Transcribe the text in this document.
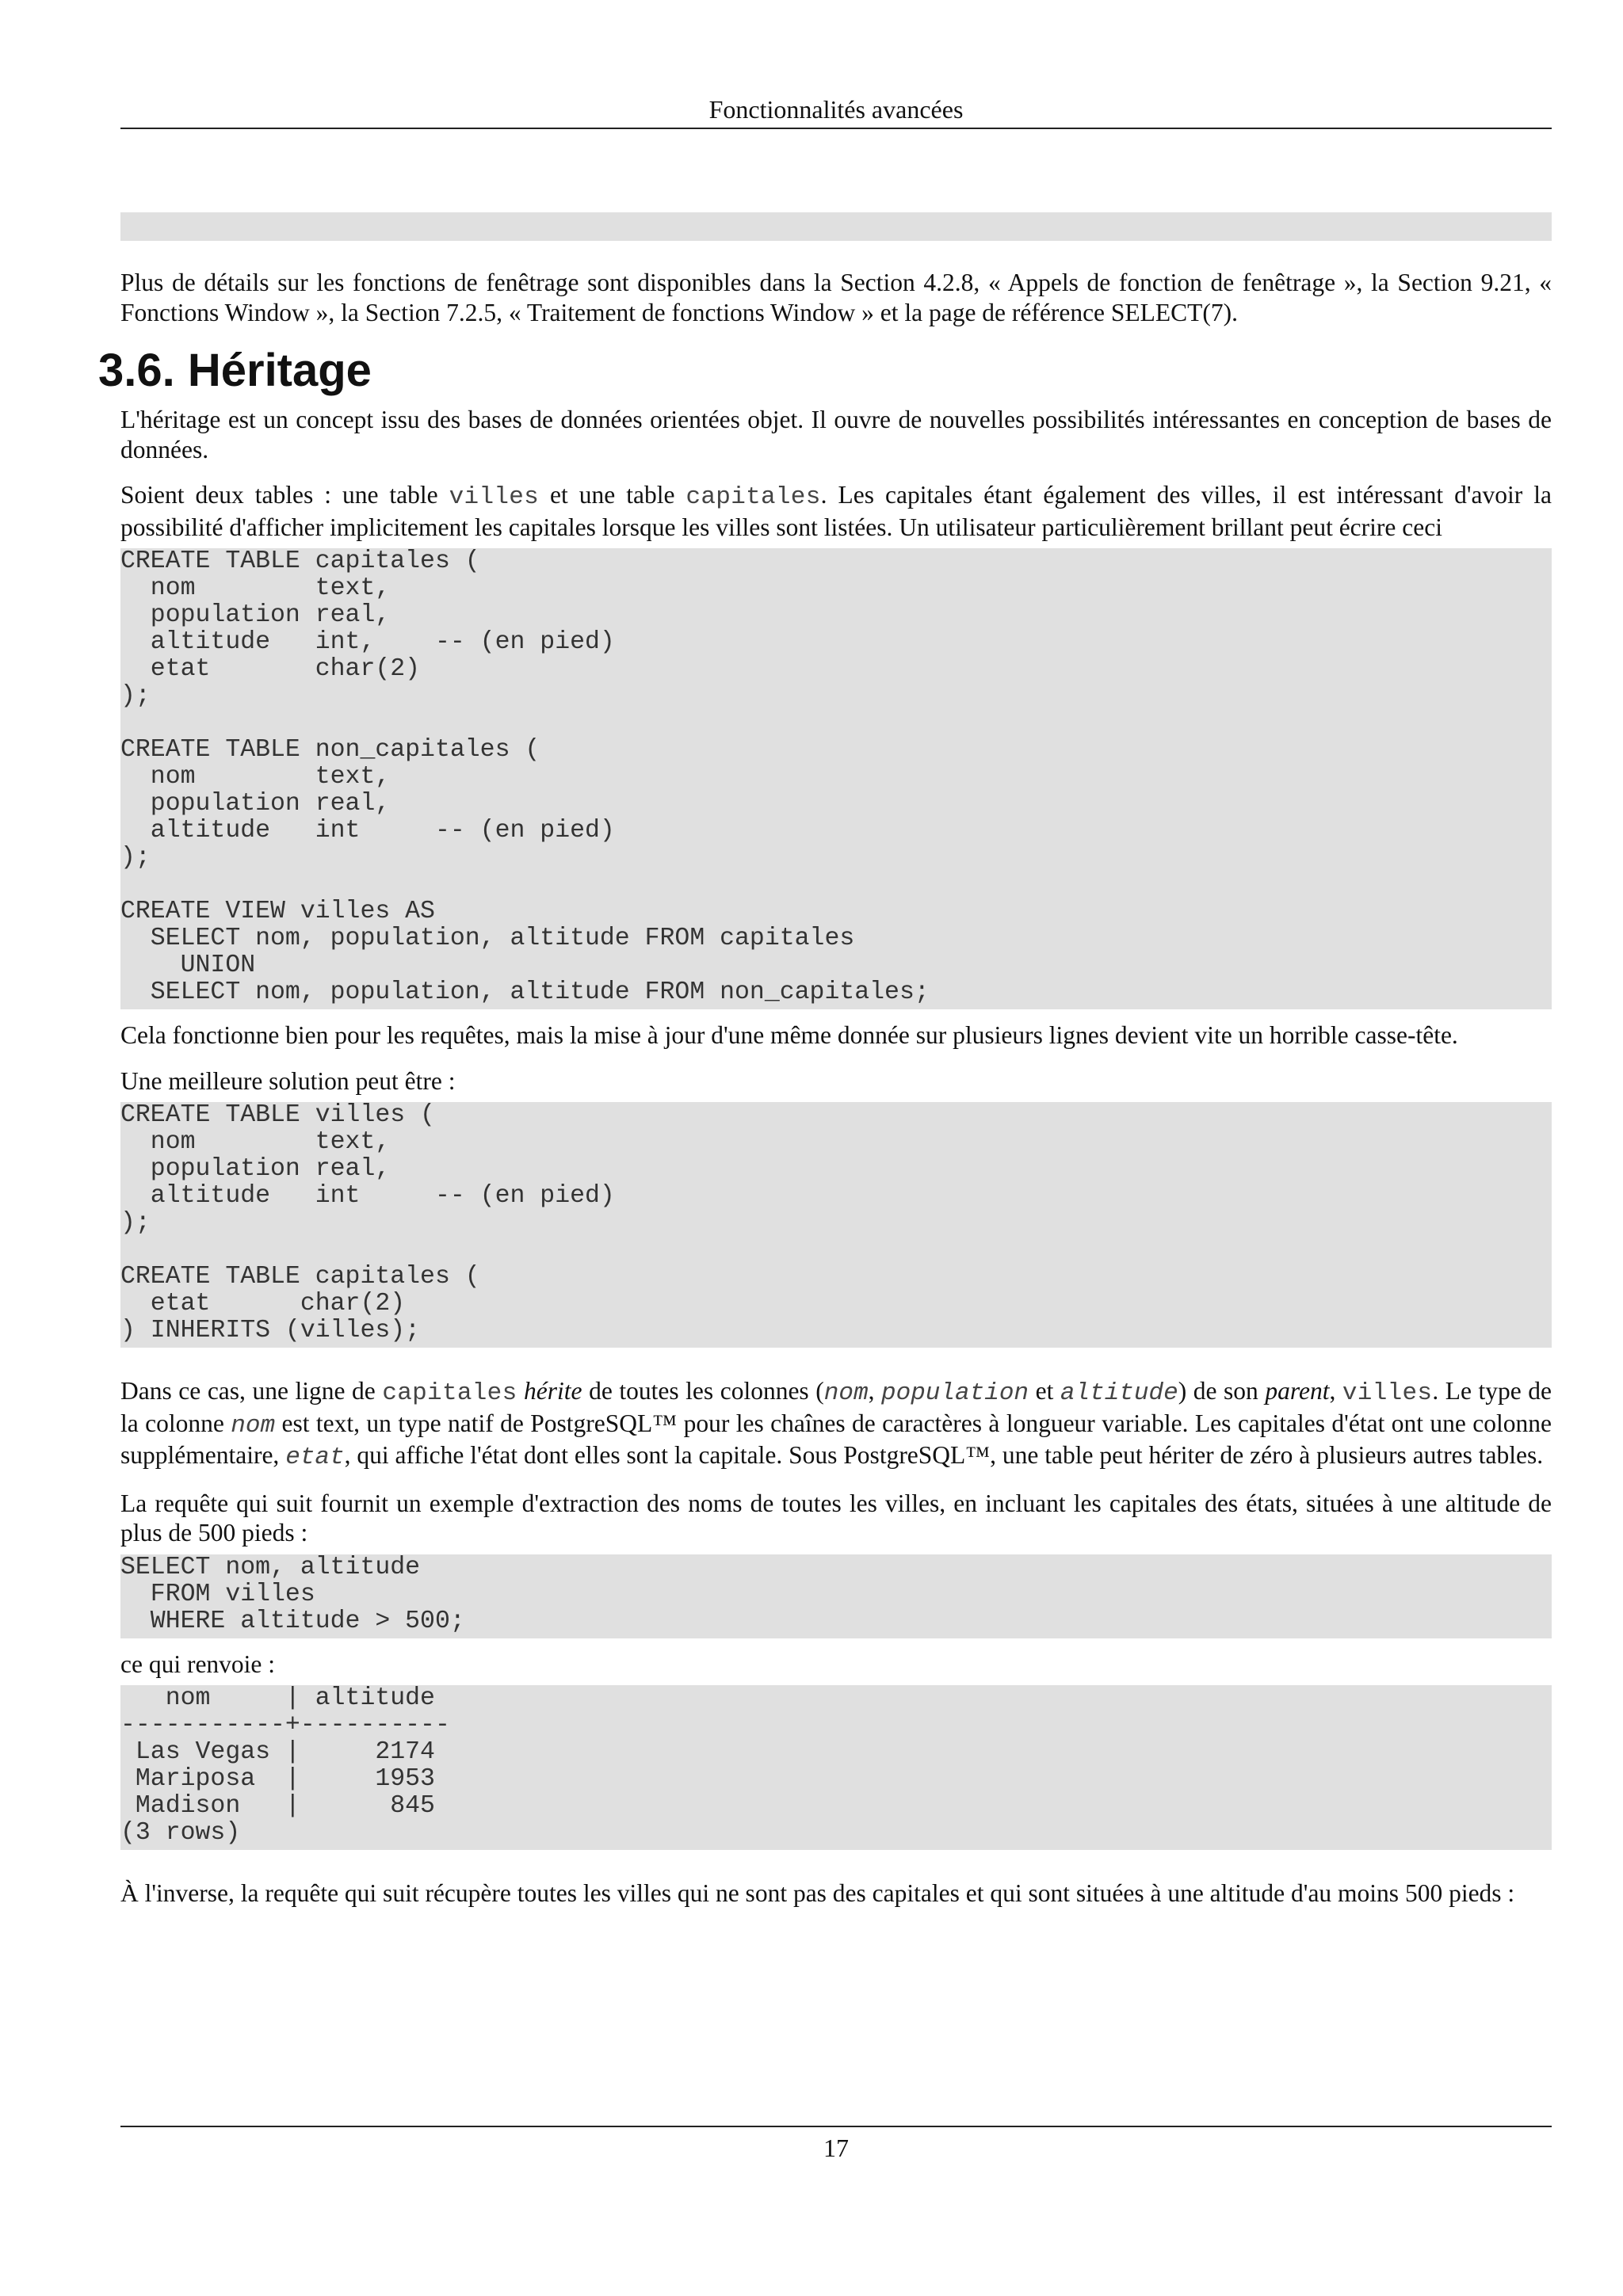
Fonctionnalités avancées

Plus de détails sur les fonctions de fenêtrage sont disponibles dans la Section 4.2.8, « Appels de fonction de fenêtrage », la Section 9.21, « Fonctions Window », la Section 7.2.5, « Traitement de fonctions Window » et la page de référence SELECT(7).

3.6. Héritage

L'héritage est un concept issu des bases de données orientées objet. Il ouvre de nouvelles possibilités intéressantes en conception de bases de données.

Soient deux tables : une table villes et une table capitales. Les capitales étant également des villes, il est intéressant d'avoir la possibilité d'afficher implicitement les capitales lorsque les villes sont listées. Un utilisateur particulièrement brillant peut écrire ceci

CREATE TABLE capitales (
nom        text,
population real,
altitude   int,    -- (en pied)
etat       char(2)
);

CREATE TABLE non_capitales (
nom        text,
population real,
altitude   int     -- (en pied)
);

CREATE VIEW villes AS
SELECT nom, population, altitude FROM capitales
UNION
SELECT nom, population, altitude FROM non_capitales;

Cela fonctionne bien pour les requêtes, mais la mise à jour d'une même donnée sur plusieurs lignes devient vite un horrible casse-tête.

Une meilleure solution peut être :

CREATE TABLE villes (
nom        text,
population real,
altitude   int     -- (en pied)
);

CREATE TABLE capitales (
etat      char(2)
) INHERITS (villes);

Dans ce cas, une ligne de capitales hérite de toutes les colonnes (nom, population et altitude) de son parent, villes. Le type de la colonne nom est text, un type natif de PostgreSQL™ pour les chaînes de caractères à longueur variable. Les capitales d'état ont une colonne supplémentaire, etat, qui affiche l'état dont elles sont la capitale. Sous PostgreSQL™, une table peut hériter de zéro à plusieurs autres tables.

La requête qui suit fournit un exemple d'extraction des noms de toutes les villes, en incluant les capitales des états, situées à une altitude de plus de 500 pieds :

SELECT nom, altitude
FROM villes
WHERE altitude > 500;

ce qui renvoie :

nom     | altitude
-----------+----------
Las Vegas |     2174
Mariposa  |     1953
Madison   |      845
(3 rows)

À l'inverse, la requête qui suit récupère toutes les villes qui ne sont pas des capitales et qui sont situées à une altitude d'au moins 500 pieds :

17
